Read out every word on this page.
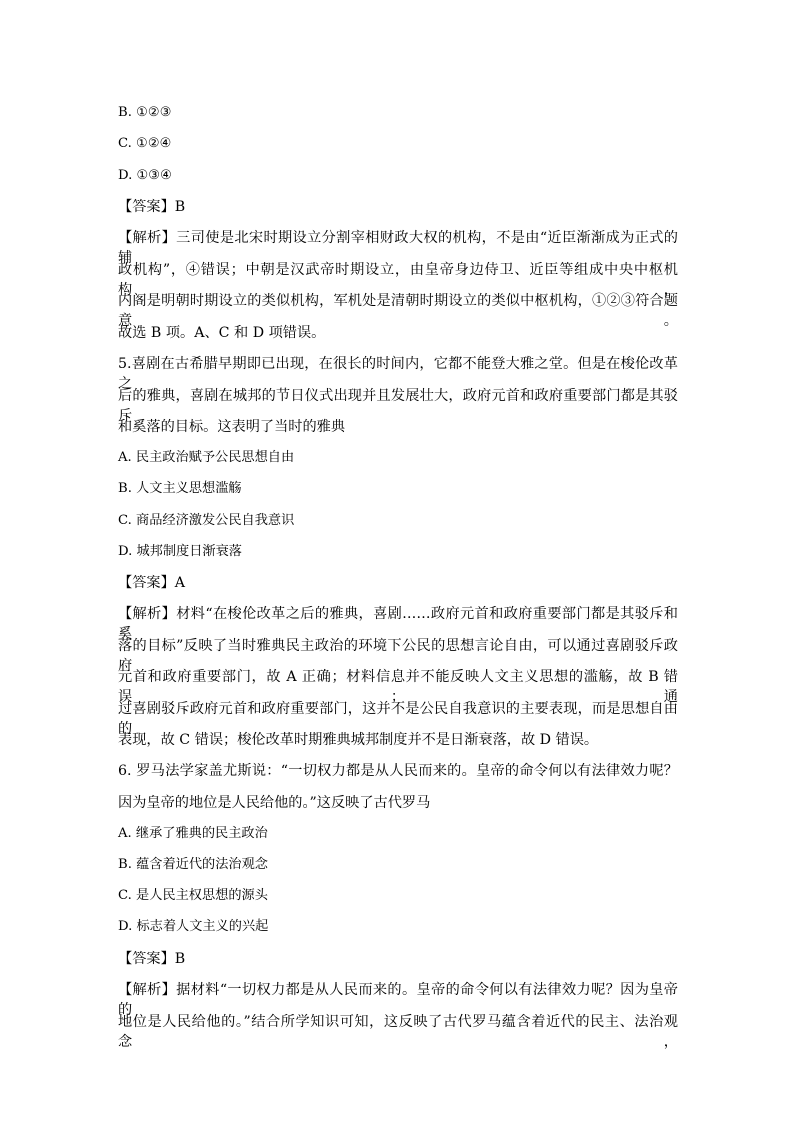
B. ①②③
C. ①②④
D. ①③④
【答案】B

【解析】三司使是北宋时期设立分割宰相财政大权的机构，不是由“近臣渐渐成为正式的辅

政机构”，④错误；中朝是汉武帝时期设立，由皇帝身边侍卫、近臣等组成中央中枢机构，

内阁是明朝时期设立的类似机构，军机处是清朝时期设立的类似中枢机构，①②③符合题意。

故选 B 项。A、C 和 D 项错误。

5.喜剧在古希腊早期即已出现，在很长的时间内，它都不能登大雅之堂。但是在梭伦改革之

后的雅典，喜剧在城邦的节日仪式出现并且发展壮大，政府元首和政府重要部门都是其驳斥

和奚落的目标。这表明了当时的雅典

A. 民主政治赋予公民思想自由
B. 人文主义思想滥觞
C. 商品经济激发公民自我意识
D. 城邦制度日渐衰落
【答案】A

【解析】材料“在梭伦改革之后的雅典，喜剧……政府元首和政府重要部门都是其驳斥和奚

落的目标”反映了当时雅典民主政治的环境下公民的思想言论自由，可以通过喜剧驳斥政府

元首和政府重要部门，故 A 正确；材料信息并不能反映人文主义思想的滥觞，故 B 错误；通

过喜剧驳斥政府元首和政府重要部门，这并不是公民自我意识的主要表现，而是思想自由的

表现，故 C 错误；梭伦改革时期雅典城邦制度并不是日渐衰落，故 D 错误。

6. 罗马法学家盖尤斯说：“一切权力都是从人民而来的。皇帝的命令何以有法律效力呢？

因为皇帝的地位是人民给他的。”这反映了古代罗马

A. 继承了雅典的民主政治
B. 蕴含着近代的法治观念
C. 是人民主权思想的源头
D. 标志着人文主义的兴起
【答案】B

【解析】据材料“一切权力都是从人民而来的。皇帝的命令何以有法律效力呢？因为皇帝的

地位是人民给他的。”结合所学知识可知，这反映了古代罗马蕴含着近代的民主、法治观念，
